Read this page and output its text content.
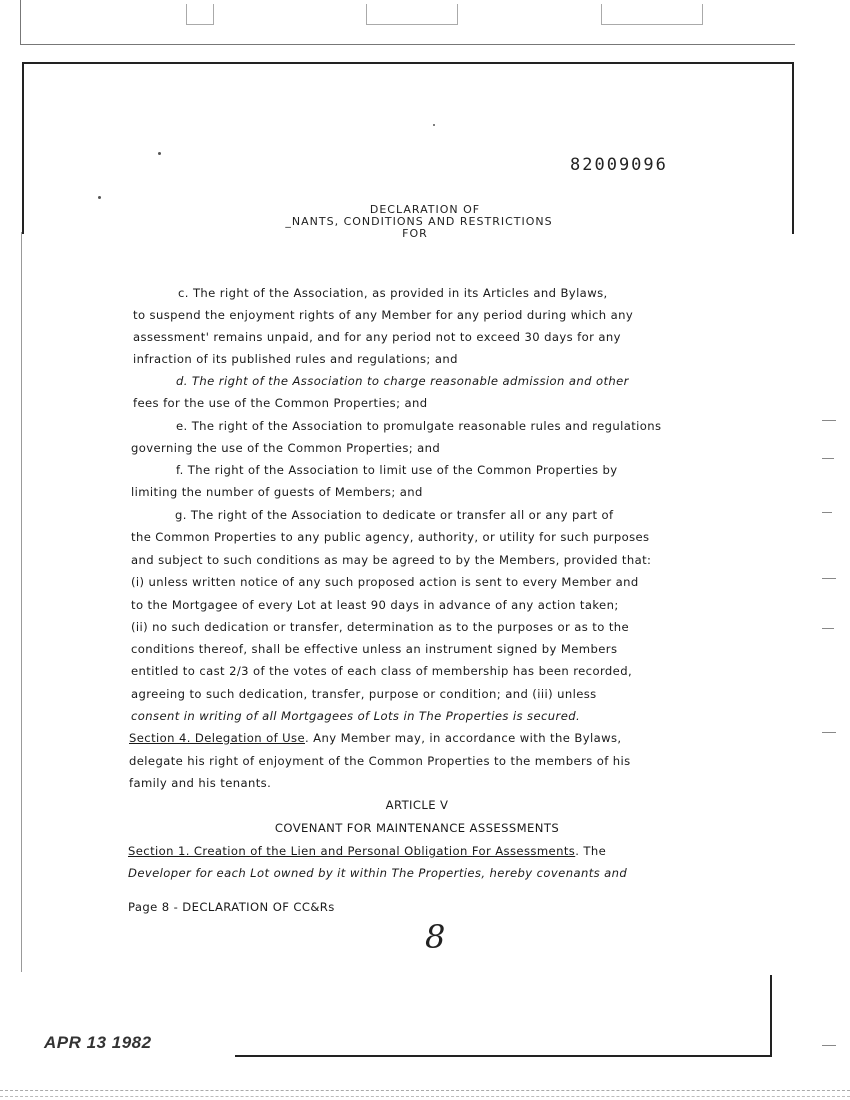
82009096
DECLARATION OF
_NANTS, CONDITIONS AND RESTRICTIONS
FOR
c. The right of the Association, as provided in its Articles and Bylaws,
to suspend the enjoyment rights of any Member for any period during which any
assessment' remains unpaid, and for any period not to exceed 30 days for any
infraction of its published rules and regulations; and
d. The right of the Association to charge reasonable admission and other
fees for the use of the Common Properties; and
e. The right of the Association to promulgate reasonable rules and regulations
governing the use of the Common Properties; and
f. The right of the Association to limit use of the Common Properties by
limiting the number of guests of Members; and
g. The right of the Association to dedicate or transfer all or any part of
the Common Properties to any public agency, authority, or utility for such purposes
and subject to such conditions as may be agreed to by the Members, provided that:
(i) unless written notice of any such proposed action is sent to every Member and
to the Mortgagee of every Lot at least 90 days in advance of any action taken;
(ii) no such dedication or transfer, determination as to the purposes or as to the
conditions thereof, shall be effective unless an instrument signed by Members
entitled to cast 2/3 of the votes of each class of membership has been recorded,
agreeing to such dedication, transfer, purpose or condition; and (iii) unless
consent in writing of all Mortgagees of Lots in The Properties is secured.
Section 4. Delegation of Use. Any Member may, in accordance with the Bylaws,
delegate his right of enjoyment of the Common Properties to the members of his
family and his tenants.
ARTICLE V
COVENANT FOR MAINTENANCE ASSESSMENTS
Section 1. Creation of the Lien and Personal Obligation For Assessments. The
Developer for each Lot owned by it within The Properties, hereby covenants and
Page 8 - DECLARATION OF CC&Rs
8
APR 13 1982
